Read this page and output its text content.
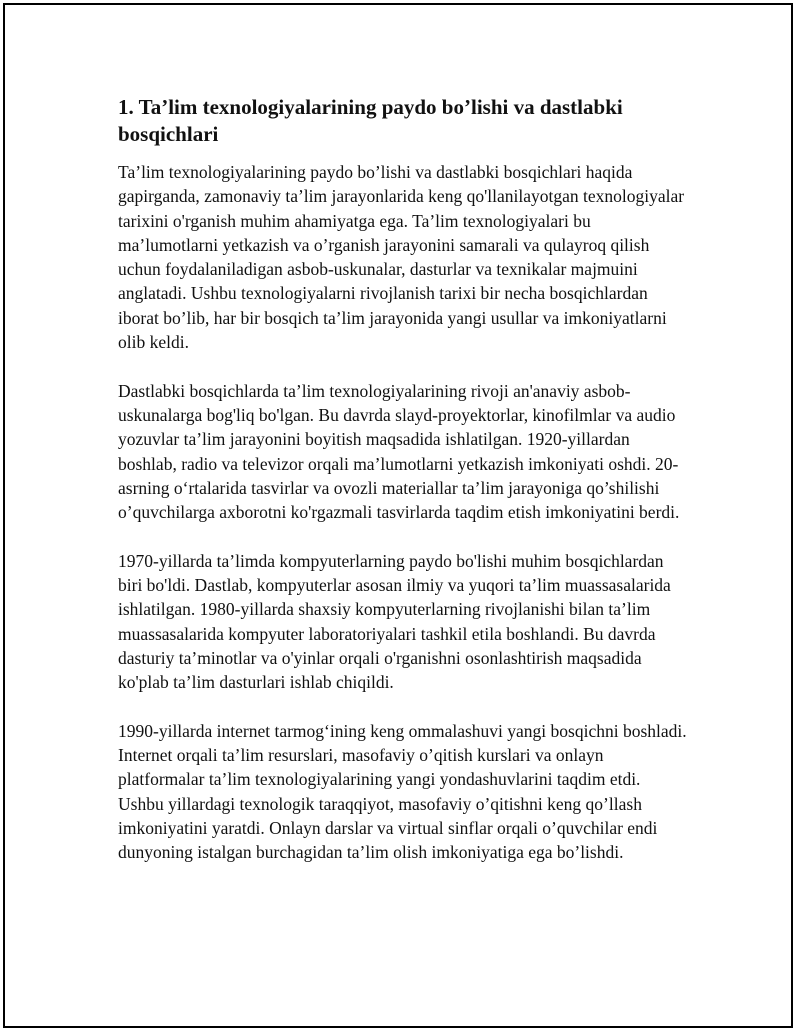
1. Ta’lim texnologiyalarining paydo bo’lishi va dastlabki bosqichlari

Ta’lim texnologiyalarining paydo bo’lishi va dastlabki bosqichlari haqida gapirganda, zamonaviy ta’lim jarayonlarida keng qo'llanilayotgan texnologiyalar tarixini o'rganish muhim ahamiyatga ega. Ta’lim texnologiyalari bu ma’lumotlarni yetkazish va o’rganish jarayonini samarali va qulayroq qilish uchun foydalaniladigan asbob-uskunalar, dasturlar va texnikalar majmuini anglatadi. Ushbu texnologiyalarni rivojlanish tarixi bir necha bosqichlardan iborat bo’lib, har bir bosqich ta’lim jarayonida yangi usullar va imkoniyatlarni olib keldi.

Dastlabki bosqichlarda ta’lim texnologiyalarining rivoji an'anaviy asbob-uskunalarga bog'liq bo'lgan. Bu davrda slayd-proyektorlar, kinofilmlar va audio yozuvlar ta’lim jarayonini boyitish maqsadida ishlatilgan. 1920-yillardan boshlab, radio va televizor orqali ma’lumotlarni yetkazish imkoniyati oshdi. 20-asrning o‘rtalarida tasvirlar va ovozli materiallar ta’lim jarayoniga qo’shilishi o’quvchilarga axborotni ko'rgazmali tasvirlarda taqdim etish imkoniyatini berdi.

1970-yillarda ta’limda kompyuterlarning paydo bo'lishi muhim bosqichlardan biri bo'ldi. Dastlab, kompyuterlar asosan ilmiy va yuqori ta’lim muassasalarida ishlatilgan. 1980-yillarda shaxsiy kompyuterlarning rivojlanishi bilan ta’lim muassasalarida kompyuter laboratoriyalari tashkil etila boshlandi. Bu davrda dasturiy ta’minotlar va o'yinlar orqali o'rganishni osonlashtirish maqsadida ko'plab ta’lim dasturlari ishlab chiqildi.

1990-yillarda internet tarmog‘ining keng ommalashuvi yangi bosqichni boshladi. Internet orqali ta’lim resurslari, masofaviy o’qitish kurslari va onlayn platformalar ta’lim texnologiyalarining yangi yondashuvlarini taqdim etdi. Ushbu yillardagi texnologik taraqqiyot, masofaviy o’qitishni keng qo’llash imkoniyatini yaratdi. Onlayn darslar va virtual sinflar orqali o’quvchilar endi dunyoning istalgan burchagidan ta’lim olish imkoniyatiga ega bo’lishdi.
